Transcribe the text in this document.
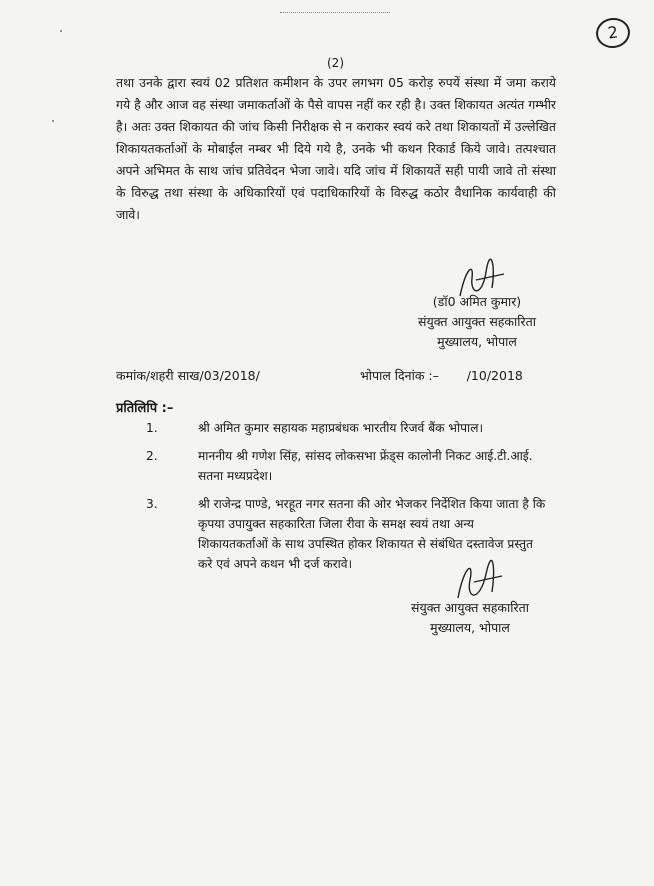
2
(2)
तथा उनके द्वारा स्वयं 02 प्रतिशत कमीशन के उपर लगभग 05 करोड़ रुपयें संस्था में जमा कराये गये है और आज वह संस्था जमाकर्ताओं के पैसे वापस नहीं कर रही है। उक्त शिकायत अत्यंत गम्भीर है। अतः उक्त शिकायत की जांच किसी निरीक्षक से न कराकर स्वयं करे तथा शिकायतों में उल्लेखित शिकायतकर्ताओं के मोबाईल नम्बर भी दिये गये है, उनके भी कथन रिकार्ड किये जावे। तत्पश्चात अपने अभिमत के साथ जांच प्रतिवेदन भेजा जावे। यदि जांच में शिकायतें सही पायी जावे तो संस्था के विरुद्ध तथा संस्था के अधिकारियों एवं पदाधिकारियों के विरुद्ध कठोर वैधानिक कार्यवाही की जावे।
(डॉ0 अमित कुमार)
संयुक्त आयुक्त सहकारिता
मुख्यालय, भोपाल
कमांक/शहरी साख/03/2018/	भोपाल दिनांक :–       /10/2018
प्रतिलिपि :–
1.	श्री अमित कुमार सहायक महाप्रबंधक भारतीय रिजर्व बैंक भोपाल।
2.	माननीय श्री गणेश सिंह, सांसद लोकसभा फ्रेंड्स कालोनी निकट आई.टी.आई. सतना मध्यप्रदेश।
3.	श्री राजेन्द्र पाण्डे, भरहूत नगर सतना की ओर भेजकर निर्देशित किया जाता है कि कृपया उपायुक्त सहकारिता जिला रीवा के समक्ष स्वयं तथा अन्य शिकायतकर्ताओं के साथ उपस्थित होकर शिकायत से संबंधित दस्तावेज प्रस्तुत करे एवं अपने कथन भी दर्ज करावे।
संयुक्त आयुक्त सहकारिता
मुख्यालय, भोपाल
